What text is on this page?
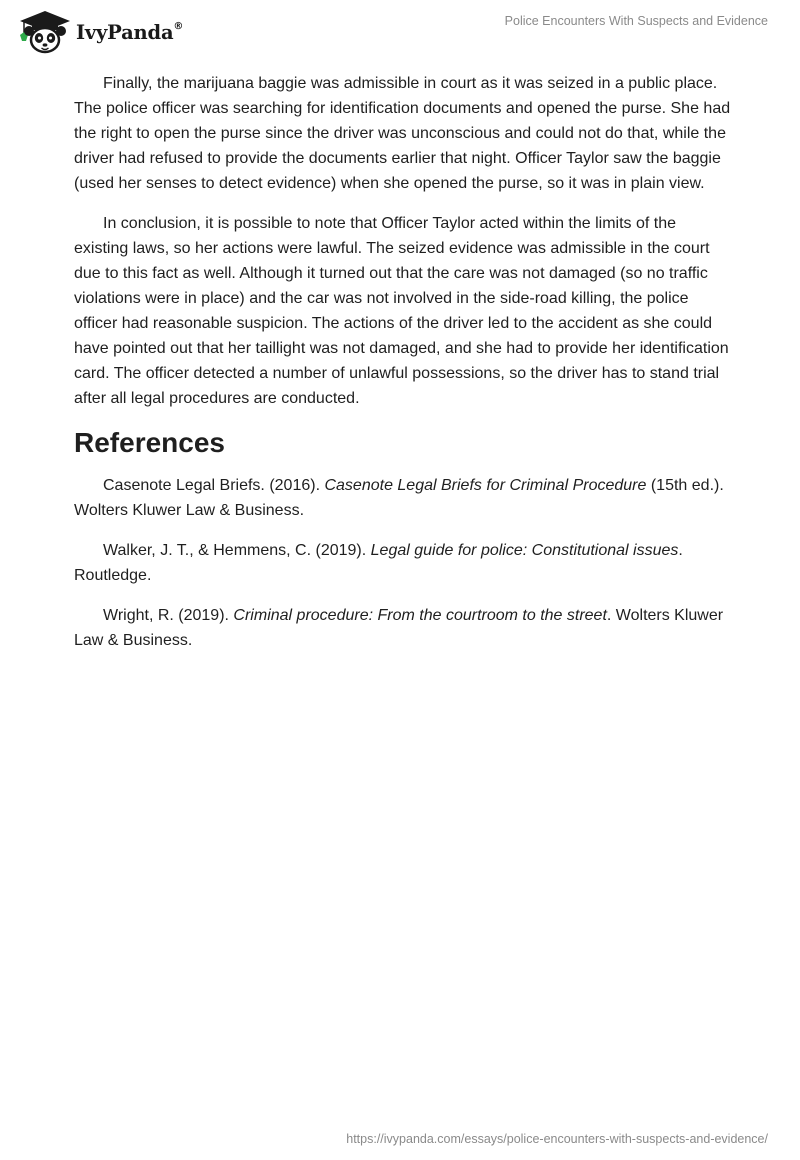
IvyPanda®	Police Encounters With Suspects and Evidence

Finally, the marijuana baggie was admissible in court as it was seized in a public place. The police officer was searching for identification documents and opened the purse. She had the right to open the purse since the driver was unconscious and could not do that, while the driver had refused to provide the documents earlier that night. Officer Taylor saw the baggie (used her senses to detect evidence) when she opened the purse, so it was in plain view.

In conclusion, it is possible to note that Officer Taylor acted within the limits of the existing laws, so her actions were lawful. The seized evidence was admissible in the court due to this fact as well. Although it turned out that the care was not damaged (so no traffic violations were in place) and the car was not involved in the side-road killing, the police officer had reasonable suspicion. The actions of the driver led to the accident as she could have pointed out that her taillight was not damaged, and she had to provide her identification card. The officer detected a number of unlawful possessions, so the driver has to stand trial after all legal procedures are conducted.

References

Casenote Legal Briefs. (2016). Casenote Legal Briefs for Criminal Procedure (15th ed.). Wolters Kluwer Law & Business.

Walker, J. T., & Hemmens, C. (2019). Legal guide for police: Constitutional issues. Routledge.

Wright, R. (2019). Criminal procedure: From the courtroom to the street. Wolters Kluwer Law & Business.

https://ivypanda.com/essays/police-encounters-with-suspects-and-evidence/
